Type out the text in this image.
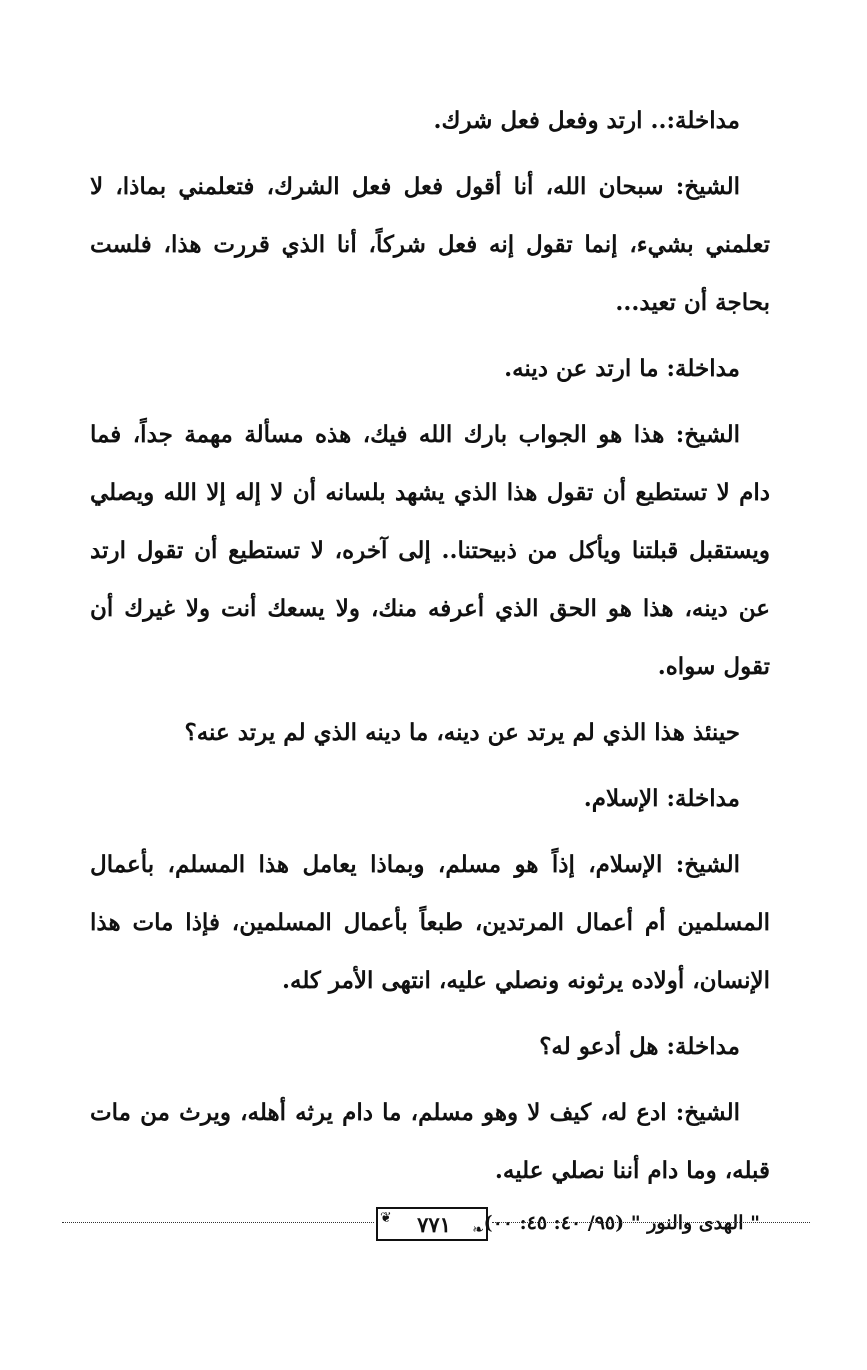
مداخلة:.. ارتد وفعل فعل شرك.

الشيخ: سبحان الله، أنا أقول فعل فعل الشرك، فتعلمني بماذا، لا تعلمني بشيء، إنما تقول إنه فعل شركاً، أنا الذي قررت هذا، فلست بحاجة أن تعيد...

مداخلة: ما ارتد عن دينه.

الشيخ: هذا هو الجواب بارك الله فيك، هذه مسألة مهمة جداً، فما دام لا تستطيع أن تقول هذا الذي يشهد بلسانه أن لا إله إلا الله ويصلي ويستقبل قبلتنا ويأكل من ذبيحتنا.. إلى آخره، لا تستطيع أن تقول ارتد عن دينه، هذا هو الحق الذي أعرفه منك، ولا يسعك أنت ولا غيرك أن تقول سواه.

حينئذ هذا الذي لم يرتد عن دينه، ما دينه الذي لم يرتد عنه؟

مداخلة: الإسلام.

الشيخ: الإسلام، إذاً هو مسلم، وبماذا يعامل هذا المسلم، بأعمال المسلمين أم أعمال المرتدين، طبعاً بأعمال المسلمين، فإذا مات هذا الإنسان، أولاده يرثونه ونصلي عليه، انتهى الأمر كله.

مداخلة: هل أدعو له؟

الشيخ: ادع له، كيف لا وهو مسلم، ما دام يرثه أهله، ويرث من مات قبله، وما دام أننا نصلي عليه.

" الهدى والنور " (٩٥/ ٤٠: ٤٥: ٠٠)

❦	٧٧١	❧
